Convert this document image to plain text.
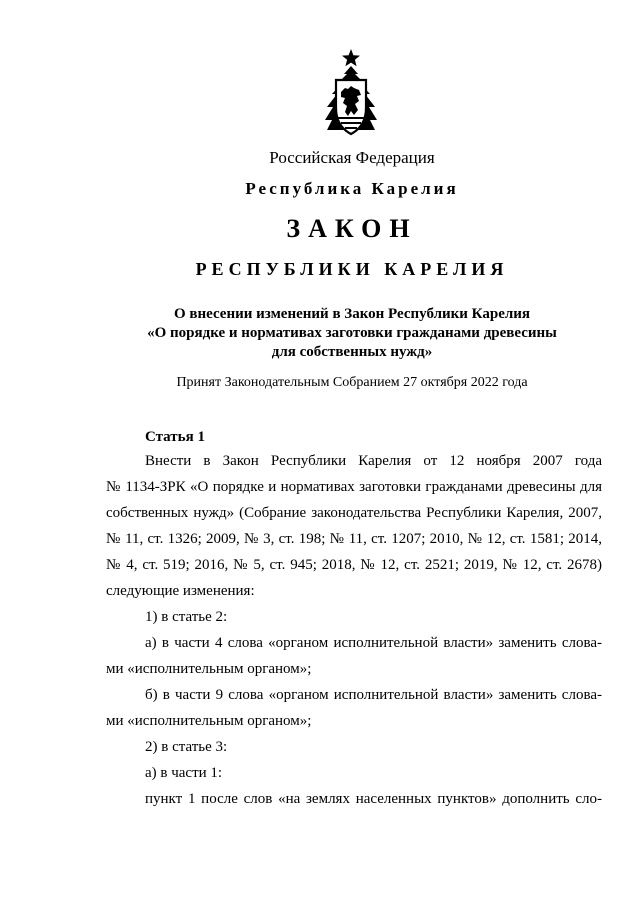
Российская Федерация
Республика Карелия
ЗАКОН
РЕСПУБЛИКИ КАРЕЛИЯ
О внесении изменений в Закон Республики Карелия
«О порядке и нормативах заготовки гражданами древесины
для собственных нужд»
Принят Законодательным Собранием 27 октября 2022 года
Статья 1
Внести в Закон Республики Карелия от 12 ноября 2007 года
№ 1134-ЗРК «О порядке и нормативах заготовки гражданами древесины для
собственных нужд» (Собрание законодательства Республики Карелия, 2007,
№ 11, ст. 1326; 2009, № 3, ст. 198; № 11, ст. 1207; 2010, № 12, ст. 1581; 2014,
№ 4, ст. 519; 2016, № 5, ст. 945; 2018, № 12, ст. 2521; 2019, № 12, ст. 2678)
следующие изменения:
1) в статье 2:
а) в части 4 слова «органом исполнительной власти» заменить слова-
ми «исполнительным органом»;
б) в части 9 слова «органом исполнительной власти» заменить слова-
ми «исполнительным органом»;
2) в статье 3:
а) в части 1:
пункт 1 после слов «на землях населенных пунктов» дополнить сло-
